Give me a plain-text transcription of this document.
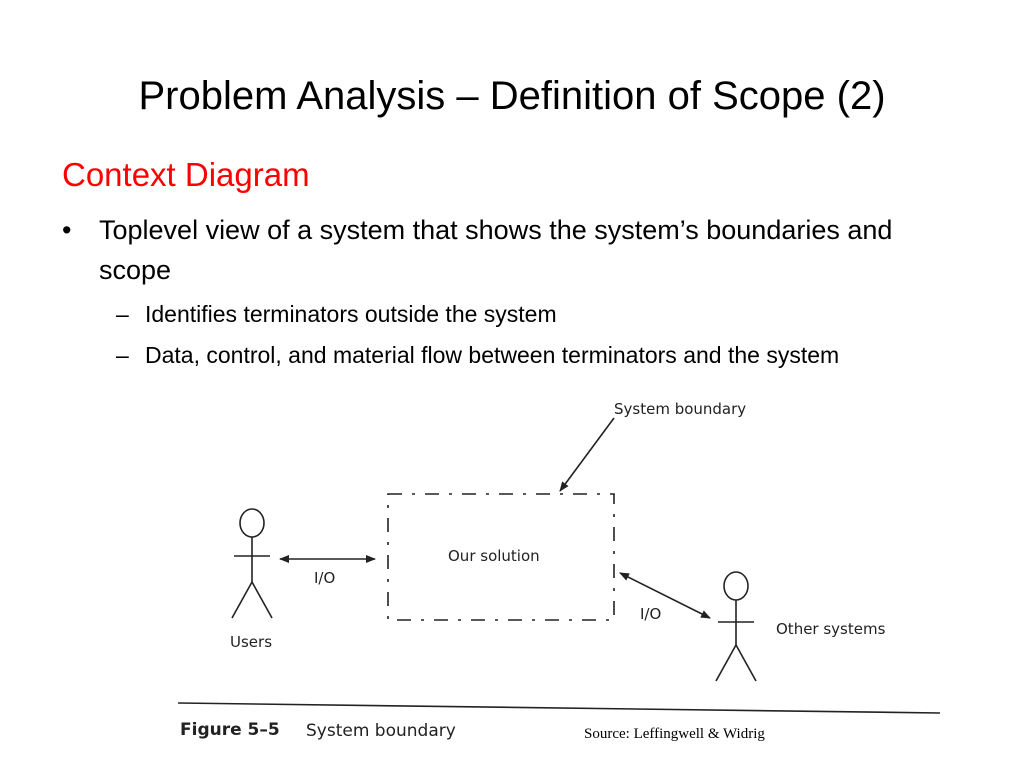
Problem Analysis – Definition of Scope (2)
Context Diagram
• Toplevel view of a system that shows the system’s boundaries and scope
– Identifies terminators outside the system
– Data, control, and material flow between terminators and the system
System boundary
Our solution
Users
I/O
Other systems
I/O
Figure 5–5 System boundary	Source: Leffingwell & Widrig
